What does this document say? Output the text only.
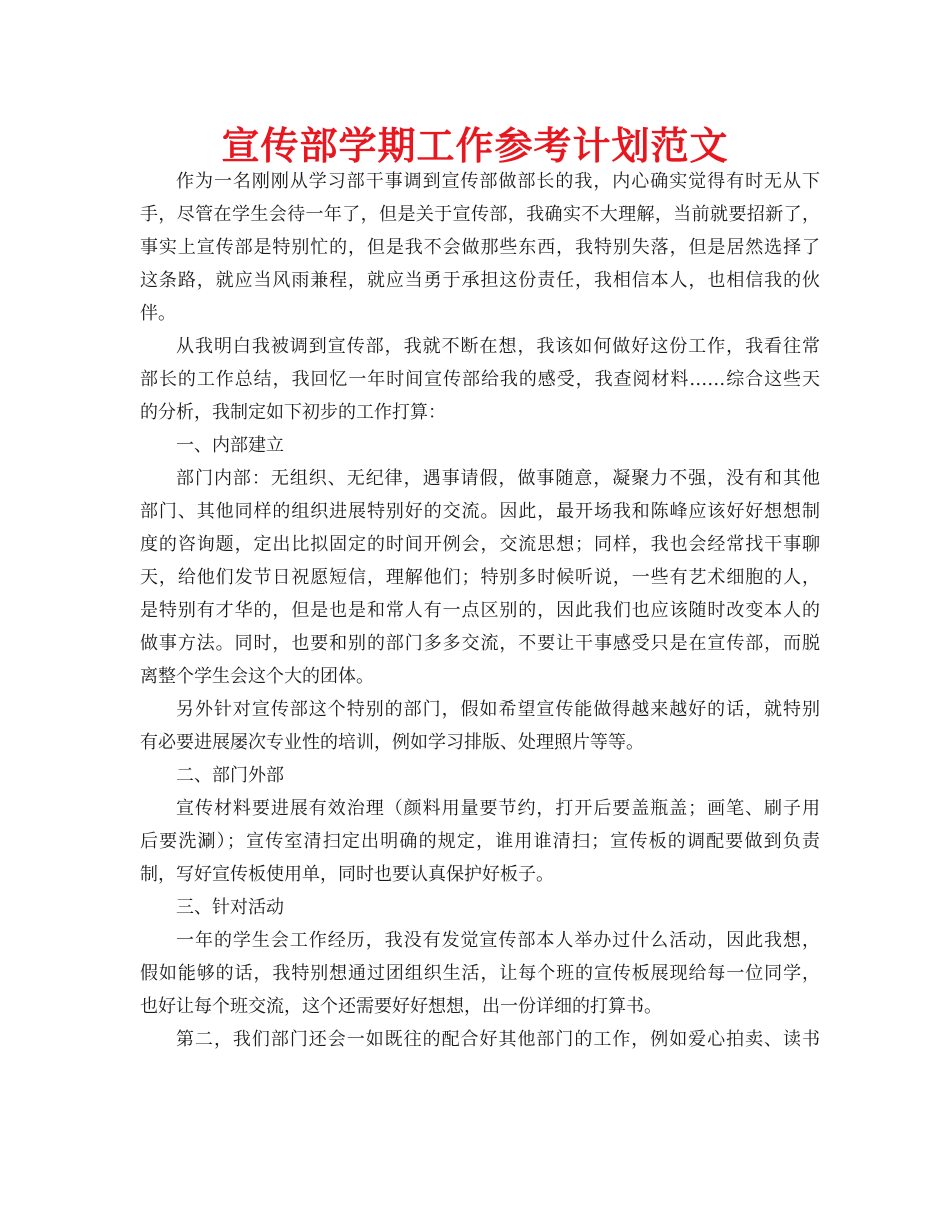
宣传部学期工作参考计划范文
作为一名刚刚从学习部干事调到宣传部做部长的我，内心确实觉得有时无从下
手，尽管在学生会待一年了，但是关于宣传部，我确实不大理解，当前就要招新了，
事实上宣传部是特别忙的，但是我不会做那些东西，我特别失落，但是居然选择了
这条路，就应当风雨兼程，就应当勇于承担这份责任，我相信本人，也相信我的伙
伴。
从我明白我被调到宣传部，我就不断在想，我该如何做好这份工作，我看往常
部长的工作总结，我回忆一年时间宣传部给我的感受，我查阅材料……综合这些天
的分析，我制定如下初步的工作打算：
一、内部建立
部门内部：无组织、无纪律，遇事请假，做事随意，凝聚力不强，没有和其他
部门、其他同样的组织进展特别好的交流。因此，最开场我和陈峰应该好好想想制
度的咨询题，定出比拟固定的时间开例会，交流思想；同样，我也会经常找干事聊
天，给他们发节日祝愿短信，理解他们；特别多时候听说，一些有艺术细胞的人，
是特别有才华的，但是也是和常人有一点区别的，因此我们也应该随时改变本人的
做事方法。同时，也要和别的部门多多交流，不要让干事感受只是在宣传部，而脱
离整个学生会这个大的团体。
另外针对宣传部这个特别的部门，假如希望宣传能做得越来越好的话，就特别
有必要进展屡次专业性的培训，例如学习排版、处理照片等等。
二、部门外部
宣传材料要进展有效治理（颜料用量要节约，打开后要盖瓶盖；画笔、刷子用
后要洗涮）；宣传室清扫定出明确的规定，谁用谁清扫；宣传板的调配要做到负责
制，写好宣传板使用单，同时也要认真保护好板子。
三、针对活动
一年的学生会工作经历，我没有发觉宣传部本人举办过什么活动，因此我想，
假如能够的话，我特别想通过团组织生活，让每个班的宣传板展现给每一位同学，
也好让每个班交流，这个还需要好好想想，出一份详细的打算书。
第二，我们部门还会一如既往的配合好其他部门的工作，例如爱心拍卖、读书
